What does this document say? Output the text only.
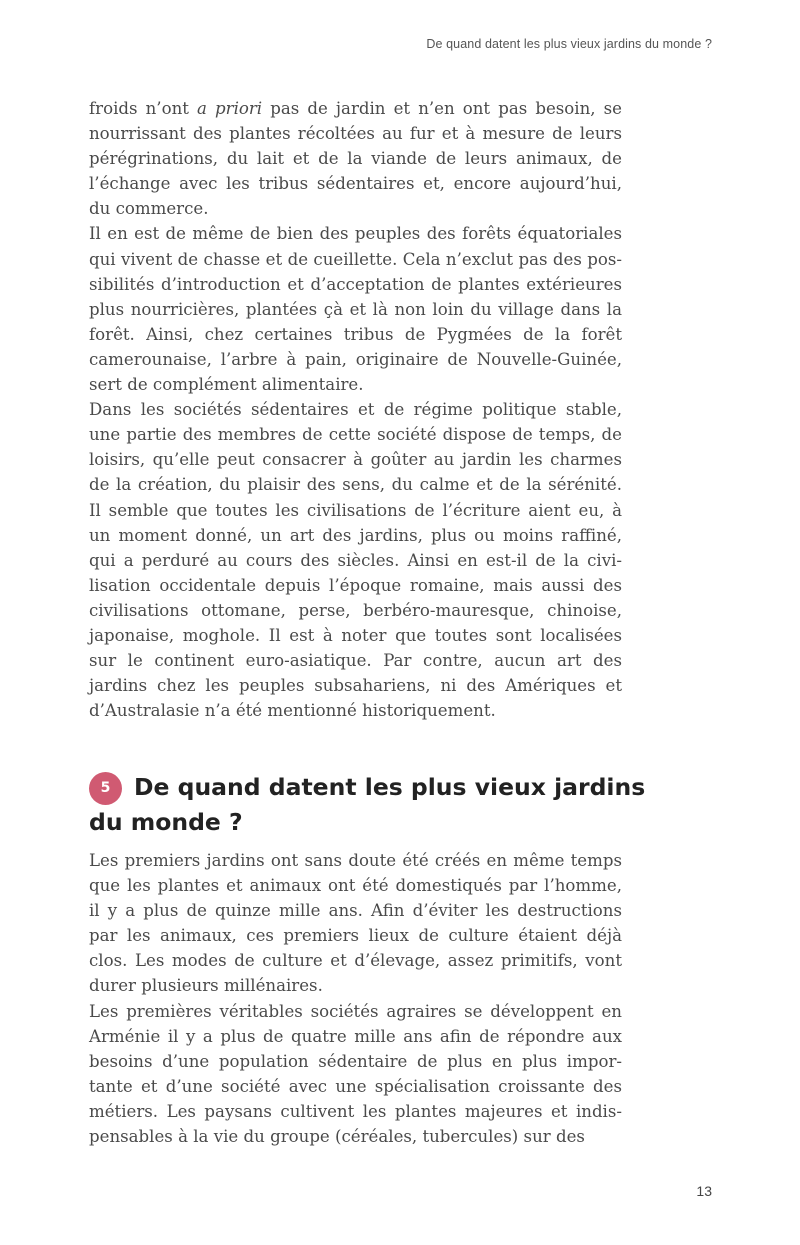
De quand datent les plus vieux jardins du monde ?

froids n’ont a priori pas de jardin et n’en ont pas besoin, se nourrissant des plantes récoltées au fur et à mesure de leurs pérégrinations, du lait et de la viande de leurs animaux, de l’échange avec les tribus sédentaires et, encore aujourd’hui, du commerce.

Il en est de même de bien des peuples des forêts équatoriales qui vivent de chasse et de cueillette. Cela n’exclut pas des possibilités d’introduction et d’acceptation de plantes extérieures plus nourricières, plantées çà et là non loin du village dans la forêt. Ainsi, chez certaines tribus de Pygmées de la forêt camerounaise, l’arbre à pain, originaire de Nouvelle-Guinée, sert de complément alimentaire.

Dans les sociétés sédentaires et de régime politique stable, une partie des membres de cette société dispose de temps, de loisirs, qu’elle peut consacrer à goûter au jardin les charmes de la création, du plaisir des sens, du calme et de la sérénité. Il semble que toutes les civilisations de l’écriture aient eu, à un moment donné, un art des jardins, plus ou moins raffiné, qui a perduré au cours des siècles. Ainsi en est-il de la civilisation occidentale depuis l’époque romaine, mais aussi des civilisations ottomane, perse, berbéro-mauresque, chinoise, japonaise, moghole. Il est à noter que toutes sont localisées sur le continent euro-asiatique. Par contre, aucun art des jardins chez les peuples subsahariens, ni des Amériques et d’Australasie n’a été mentionné historiquement.

5 De quand datent les plus vieux jardins du monde ?

Les premiers jardins ont sans doute été créés en même temps que les plantes et animaux ont été domestiqués par l’homme, il y a plus de quinze mille ans. Afin d’éviter les destructions par les animaux, ces premiers lieux de culture étaient déjà clos. Les modes de culture et d’élevage, assez primitifs, vont durer plusieurs millénaires.

Les premières véritables sociétés agraires se développent en Arménie il y a plus de quatre mille ans afin de répondre aux besoins d’une population sédentaire de plus en plus importante et d’une société avec une spécialisation croissante des métiers. Les paysans cultivent les plantes majeures et indispensables à la vie du groupe (céréales, tubercules) sur des

13
